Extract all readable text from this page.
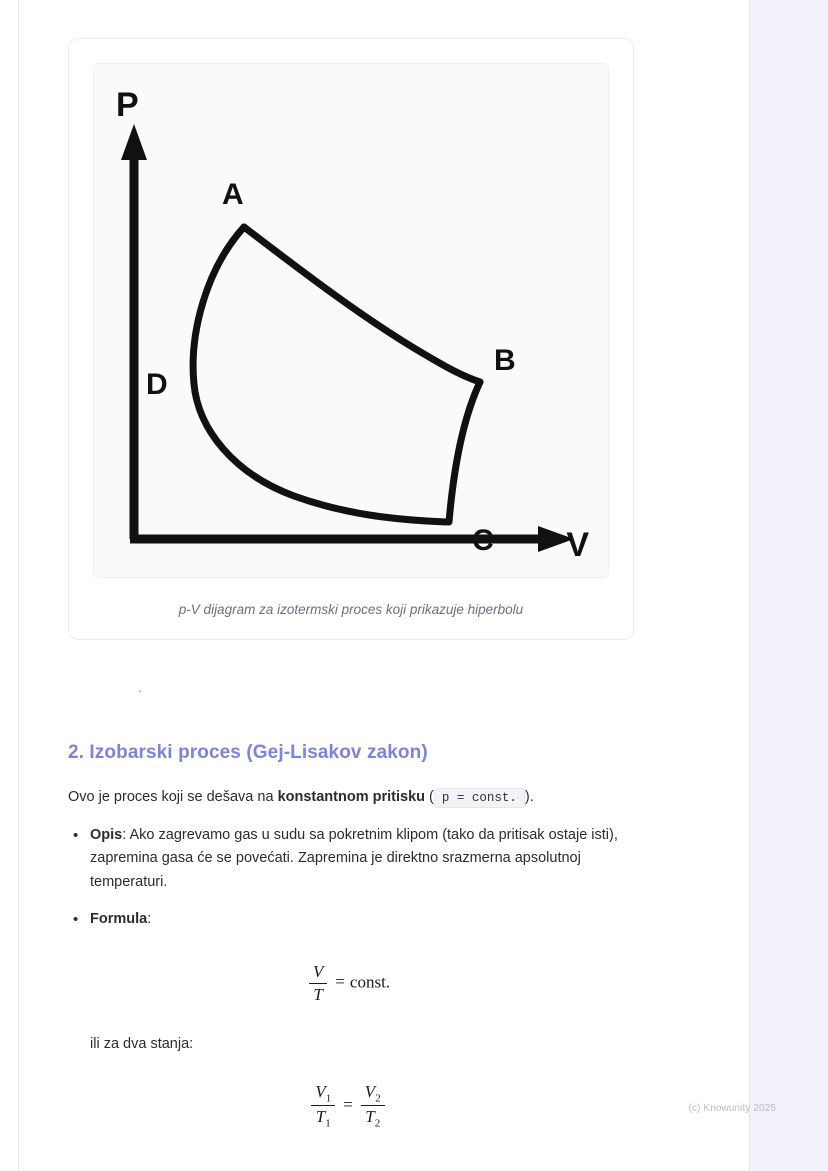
(c) Knowunity 2025
P
V
A
B
C
D
p-V dijagram za izotermski proces koji prikazuje hiperbolu
`
2. Izobarski proces (Gej-Lisakov zakon)

Ovo je proces koji se dešava na konstantnom pritisku ( p = const. ).

• Opis: Ako zagrevamo gas u sudu sa pokretnim klipom (tako da pritisak ostaje isti), zapremina gasa će se povećati. Zapremina je direktno srazmerna apsolutnoj temperaturi.
• Formula:
$\frac{V}{T}$ = const.
ili za dva stanja:
$\frac{V_1}{T_1} = \frac{V_2}{T_2}$
